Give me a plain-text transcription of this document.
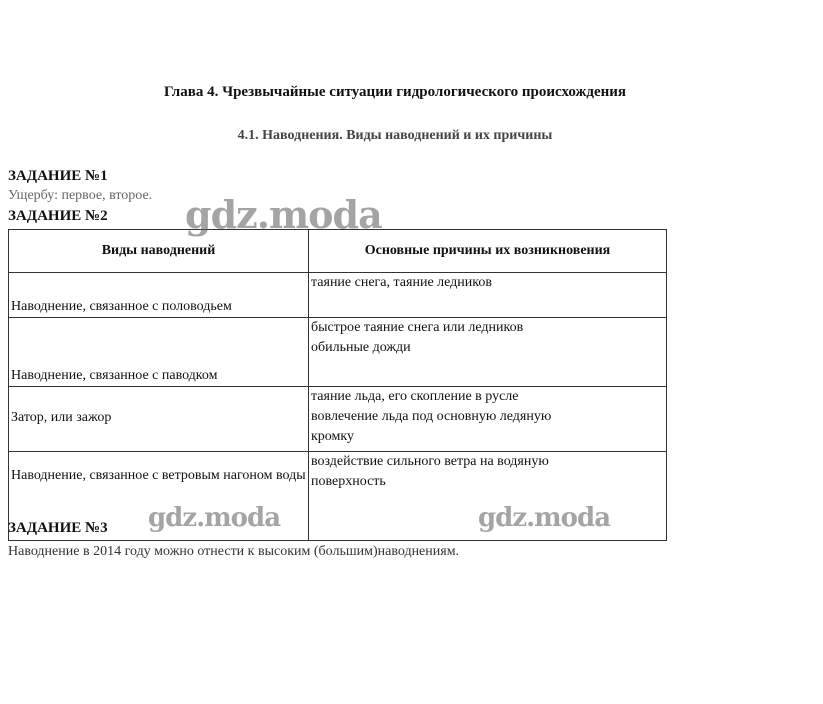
Глава 4. Чрезвычайные ситуации гидрологического происхождения
4.1. Наводнения. Виды наводнений и их причины
ЗАДАНИЕ №1
Ущербу: первое, второе.
ЗАДАНИЕ №2
Виды наводнений	Основные причины их возникновения
Наводнение, связанное с половодьем	таяние снега, таяние ледников

Наводнение, связанное с паводком	быстрое таяние снега или ледников
обильные дожди

Затор, или зажор	таяние льда, его скопление в русле
вовлечение льда под основную ледяную
кромку

Наводнение, связанное с ветровым нагоном воды	воздействие сильного ветра на водяную
поверхность
ЗАДАНИЕ №3
Наводнение в 2014 году можно отнести к высоким (большим)наводнениям.
gdz.moda
gdz.moda	gdz.moda
